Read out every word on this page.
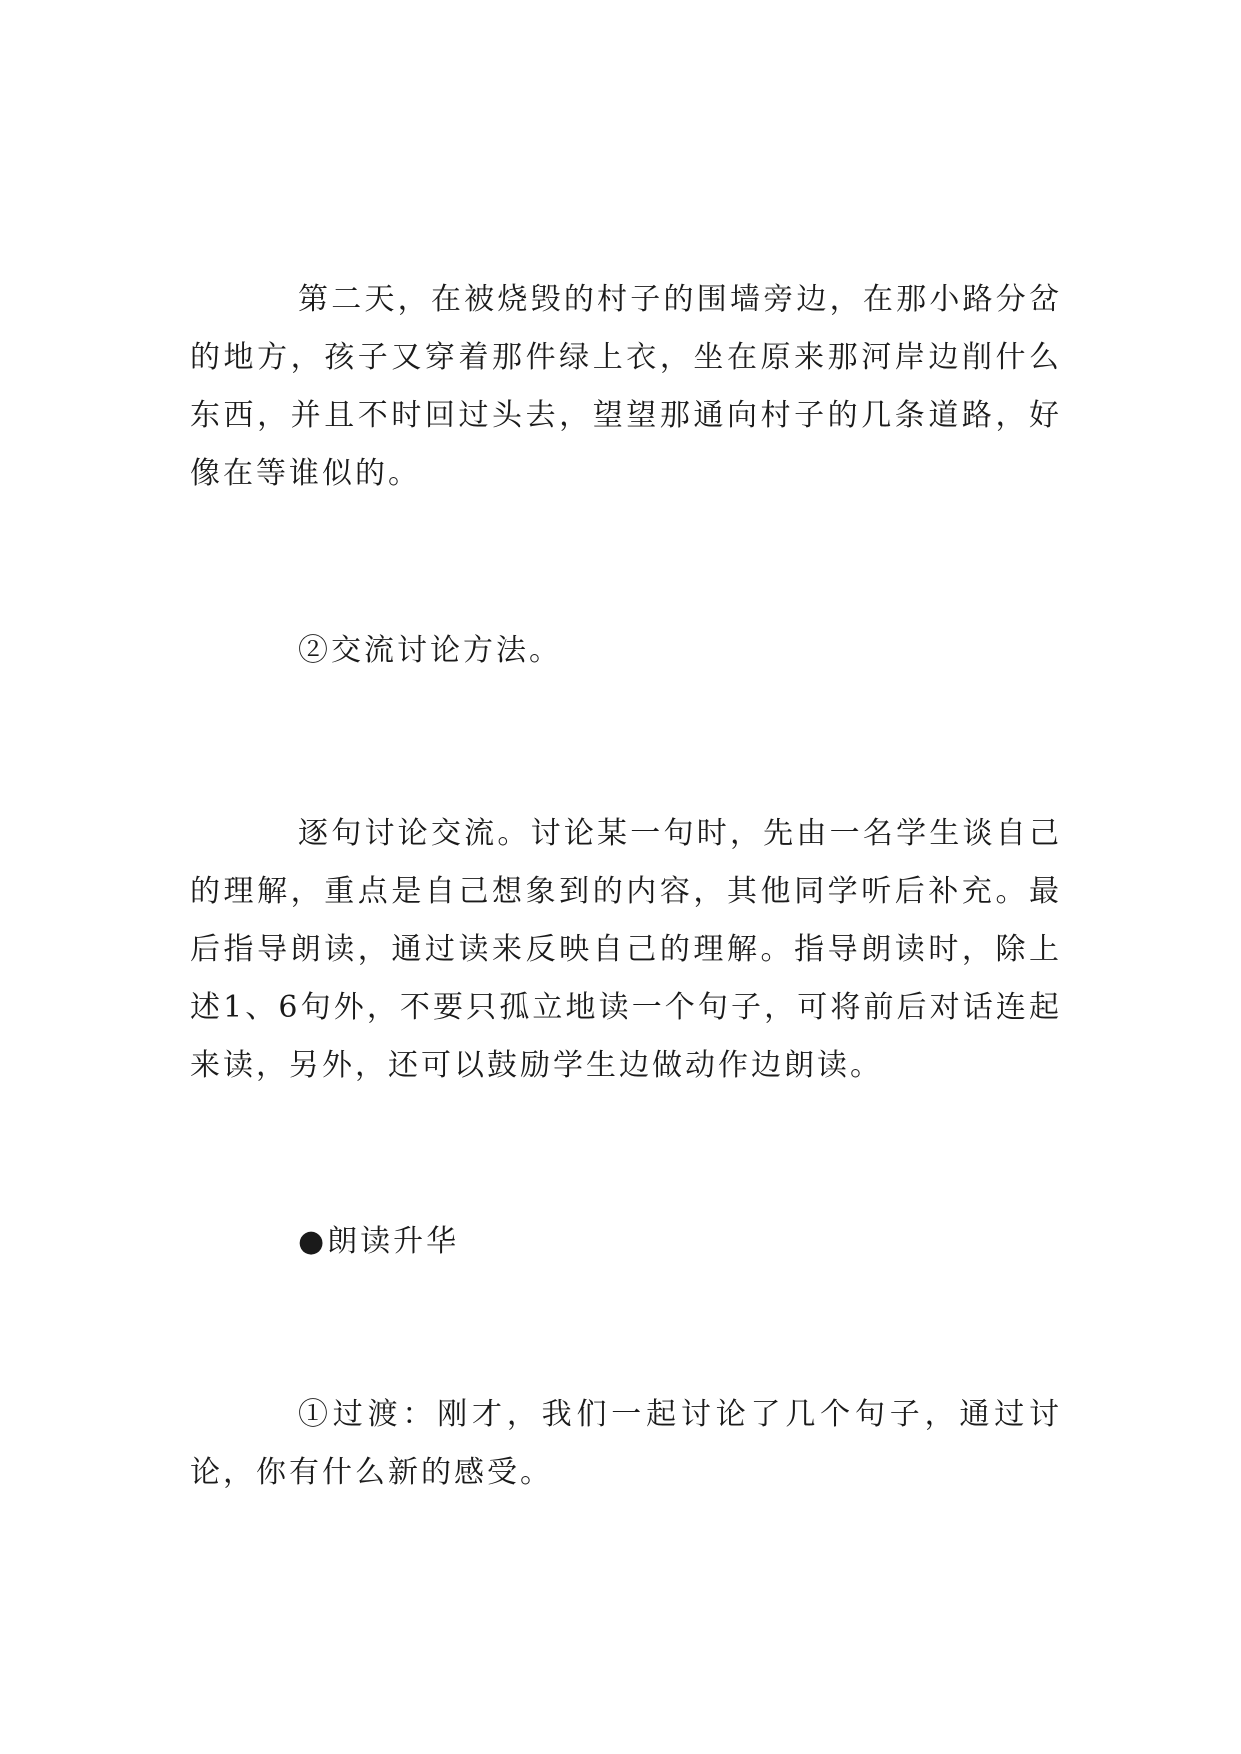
第二天，在被烧毁的村子的围墙旁边，在那小路分岔的地方，孩子又穿着那件绿上衣，坐在原来那河岸边削什么东西，并且不时回过头去，望望那通向村子的几条道路，好像在等谁似的。

②交流讨论方法。

逐句讨论交流。讨论某一句时，先由一名学生谈自己的理解，重点是自己想象到的内容，其他同学听后补充。最后指导朗读，通过读来反映自己的理解。指导朗读时，除上述1、6句外，不要只孤立地读一个句子，可将前后对话连起来读，另外，还可以鼓励学生边做动作边朗读。

●朗读升华

①过渡：刚才，我们一起讨论了几个句子，通过讨论，你有什么新的感受。
